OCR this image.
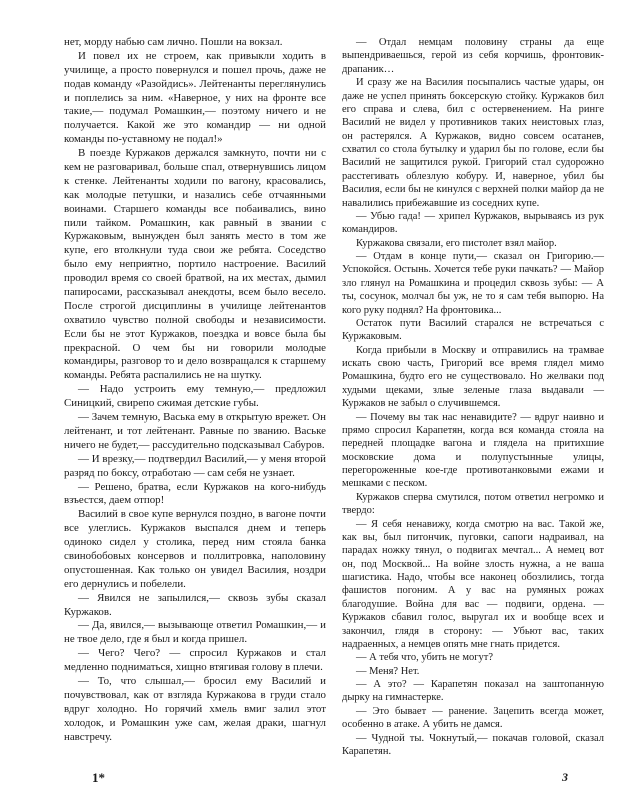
нет, морду набью сам лично. Пошли на вокзал.

И повел их не строем, как привыкли ходить в училище, а просто повернулся и пошел прочь, даже не подав команду «Разойдись». Лейтенанты переглянулись и поплелись за ним. «Наверное, у них на фронте все такие,— подумал Ромашкин,— поэтому ничего и не получается. Какой же это командир — ни одной команды по-уставному не подал!»

В поезде Куржаков держался замкнуто, почти ни с кем не разговаривал, больше спал, отвернувшись лицом к стенке. Лейтенанты ходили по вагону, красовались, как молодые петушки, и назались себе отчаянными воинами. Старшего команды все побаивались, вино пили тайком. Ромашкин, как равный в звании с Куржаковым, вынужден был занять место в том же купе, его втолкнули туда свои же ребята. Соседство было ему неприятно, портило настроение. Василий проводил время со своей братвой, на их местах, дымил папиросами, рассказывал анекдоты, всем было весело. После строгой дисциплины в училище лейтенантов охватило чувство полной свободы и независимости. Если бы не этот Куржаков, поездка и вовсе была бы прекрасной. О чем бы ни говорили молодые командиры, разговор то и дело возвращался к старшему команды. Ребята распалились не на шутку.

— Надо устроить ему темную,— предложил Синицкий, свирепо сжимая детские губы.

— Зачем темную, Васька ему в открытую врежет. Он лейтенант, и тот лейтенант. Равные по званию. Ваське ничего не будет,— рассудительно подсказывал Сабуров.

— И врезку,— подтвердил Василий,— у меня второй разряд по боксу, отработаю — сам себя не узнает.

— Решено, братва, если Куржаков на кого-нибудь взъестся, даем отпор!

Василий в свое купе вернулся поздно, в вагоне почти все улеглись. Куржаков выспался днем и теперь одиноко сидел у столика, перед ним стояла банка свинобобовых консервов и поллитровка, наполовину опустошенная. Как только он увидел Василия, ноздри его дернулись и побелели.

— Явился не запылился,— сквозь зубы сказал Куржаков.

— Да, явился,— вызывающе ответил Ромашкин,— и не твое дело, где я был и когда пришел.

— Чего? Чего? — спросил Куржаков и стал медленно подниматься, хищно втягивая голову в плечи.

— То, что слышал,— бросил ему Василий и почувствовал, как от взгляда Куржакова в груди стало вдруг холодно. Но горячий хмель вмиг залил этот холодок, и Ромашкин уже сам, желая драки, шагнул навстречу.

— Отдал немцам половину страны да еще выпендриваешься, герой из себя корчишь, фронтовик-драпаник…

И сразу же на Василия посыпались частые удары, он даже не успел принять боксерскую стойку. Куржаков бил его справа и слева, бил с остервенением. На ринге Василий не видел у противников таких неистовых глаз, он растерялся. А Куржаков, видно совсем осатанев, схватил со стола бутылку и ударил бы по голове, если бы Василий не защитился рукой. Григорий стал судорожно расстегивать облезлую кобуру. И, наверное, убил бы Василия, если бы не кинулся с верхней полки майор да не навалились прибежавшие из соседних купе.

— Убью гада! — хрипел Куржаков, вырываясь из рук командиров.

Куржакова связали, его пистолет взял майор.

— Отдам в конце пути,— сказал он Григорию.— Успокойся. Остынь. Хочется тебе руки пачкать? — Майор зло глянул на Ромашкина и процедил сквозь зубы: — А ты, сосунок, молчал бы уж, не то я сам тебя выпорю. На кого руку поднял? На фронтовика...

Остаток пути Василий старался не встречаться с Куржаковым.

Когда прибыли в Москву и отправились на трамвае искать свою часть, Григорий все время глядел мимо Ромашкина, будто его не существовало. Но желваки под худыми щеками, злые зеленые глаза выдавали — Куржаков не забыл о случившемся.

— Почему вы так нас ненавидите? — вдруг наивно и прямо спросил Карапетян, когда вся команда стояла на передней площадке вагона и глядела на притихшие московские дома и полупустынные улицы, перегороженные кое-где противотанковыми ежами и мешками с песком.

Куржаков сперва смутился, потом ответил негромко и твердо:

— Я себя ненавижу, когда смотрю на вас. Такой же, как вы, был питончик, пуговки, сапоги надраивал, на парадах ножку тянул, о подвигах мечтал... А немец вот он, под Москвой... На войне злость нужна, а не ваша шагистика. Надо, чтобы все наконец обозлились, тогда фашистов погоним. А у вас на румяных рожах благодушие. Война для вас — подвиги, ордена. — Куржаков сбавил голос, выругал их и вообще всех и закончил, глядя в сторону: — Убьют вас, таких надраенных, а немцев опять мне гнать придется.

— А тебя что, убить не могут?

— Меня? Нет.

— А это? — Карапетян показал на заштопанную дырку на гимнастерке.

— Это бывает — ранение. Зацепить всегда может, особенно в атаке. А убить не дамся.

— Чудной ты. Чокнутый,— покачав головой, сказал Карапетян.

1*	3
